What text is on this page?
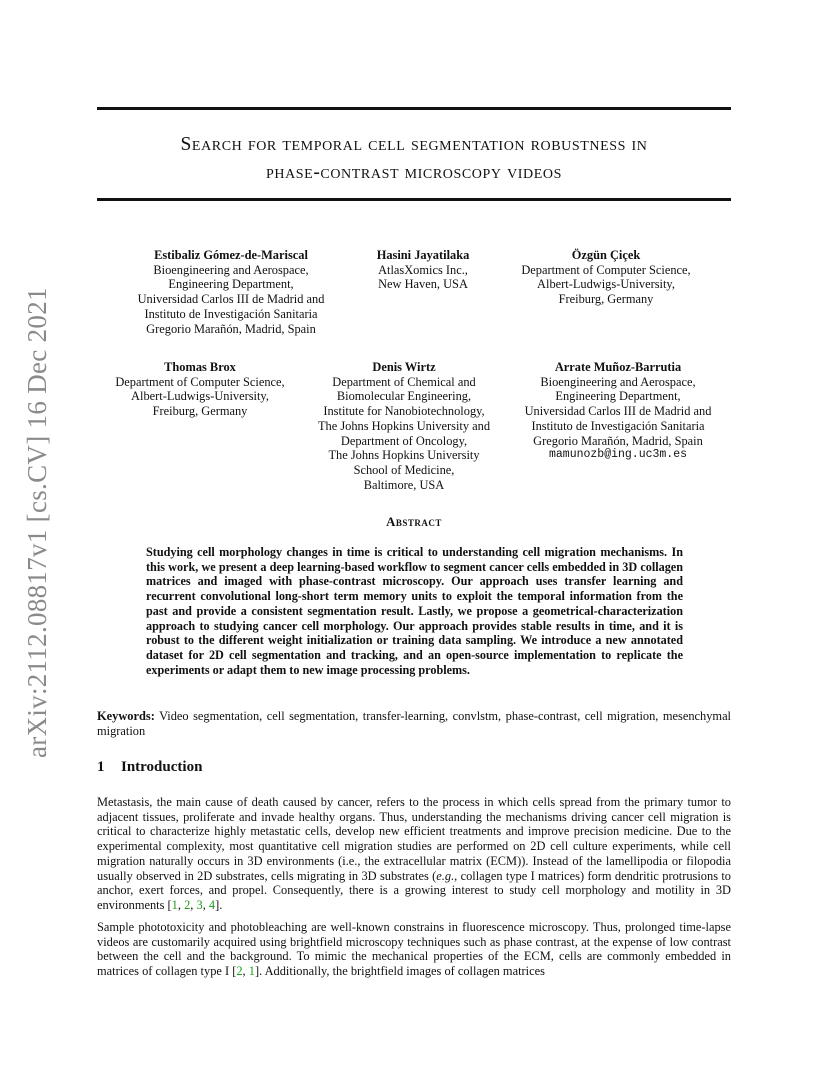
arXiv:2112.08817v1 [cs.CV] 16 Dec 2021
Search for temporal cell segmentation robustness in
phase-contrast microscopy videos
Estibaliz Gómez-de-Mariscal
Bioengineering and Aerospace,
Engineering Department,
Universidad Carlos III de Madrid and
Instituto de Investigación Sanitaria
Gregorio Marañón, Madrid, Spain
Hasini Jayatilaka
AtlasXomics Inc.,
New Haven, USA
Özgün Çiçek
Department of Computer Science,
Albert-Ludwigs-University,
Freiburg, Germany
Thomas Brox
Department of Computer Science,
Albert-Ludwigs-University,
Freiburg, Germany
Denis Wirtz
Department of Chemical and
Biomolecular Engineering,
Institute for Nanobiotechnology,
The Johns Hopkins University and
Department of Oncology,
The Johns Hopkins University
School of Medicine,
Baltimore, USA
Arrate Muñoz-Barrutia
Bioengineering and Aerospace,
Engineering Department,
Universidad Carlos III de Madrid and
Instituto de Investigación Sanitaria
Gregorio Marañón, Madrid, Spain
mamunozb@ing.uc3m.es
Abstract
Studying cell morphology changes in time is critical to understanding cell migration mechanisms. In this work, we present a deep learning-based workflow to segment cancer cells embedded in 3D collagen matrices and imaged with phase-contrast microscopy. Our approach uses transfer learning and recurrent convolutional long-short term memory units to exploit the temporal information from the past and provide a consistent segmentation result. Lastly, we propose a geometrical-characterization approach to studying cancer cell morphology. Our approach provides stable results in time, and it is robust to the different weight initialization or training data sampling. We introduce a new annotated dataset for 2D cell segmentation and tracking, and an open-source implementation to replicate the experiments or adapt them to new image processing problems.
Keywords: Video segmentation, cell segmentation, transfer-learning, convlstm, phase-contrast, cell migration, mesenchymal migration
1 Introduction

Metastasis, the main cause of death caused by cancer, refers to the process in which cells spread from the primary tumor to adjacent tissues, proliferate and invade healthy organs. Thus, understanding the mechanisms driving cancer cell migration is critical to characterize highly metastatic cells, develop new efficient treatments and improve precision medicine. Due to the experimental complexity, most quantitative cell migration studies are performed on 2D cell culture experiments, while cell migration naturally occurs in 3D environments (i.e., the extracellular matrix (ECM)). Instead of the lamellipodia or filopodia usually observed in 2D substrates, cells migrating in 3D substrates (e.g., collagen type I matrices) form dendritic protrusions to anchor, exert forces, and propel. Consequently, there is a growing interest to study cell morphology and motility in 3D environments [1, 2, 3, 4].

Sample phototoxicity and photobleaching are well-known constrains in fluorescence microscopy. Thus, prolonged time-lapse videos are customarily acquired using brightfield microscopy techniques such as phase contrast, at the expense of low contrast between the cell and the background. To mimic the mechanical properties of the ECM, cells are commonly embedded in matrices of collagen type I [2, 1]. Additionally, the brightfield images of collagen matrices
